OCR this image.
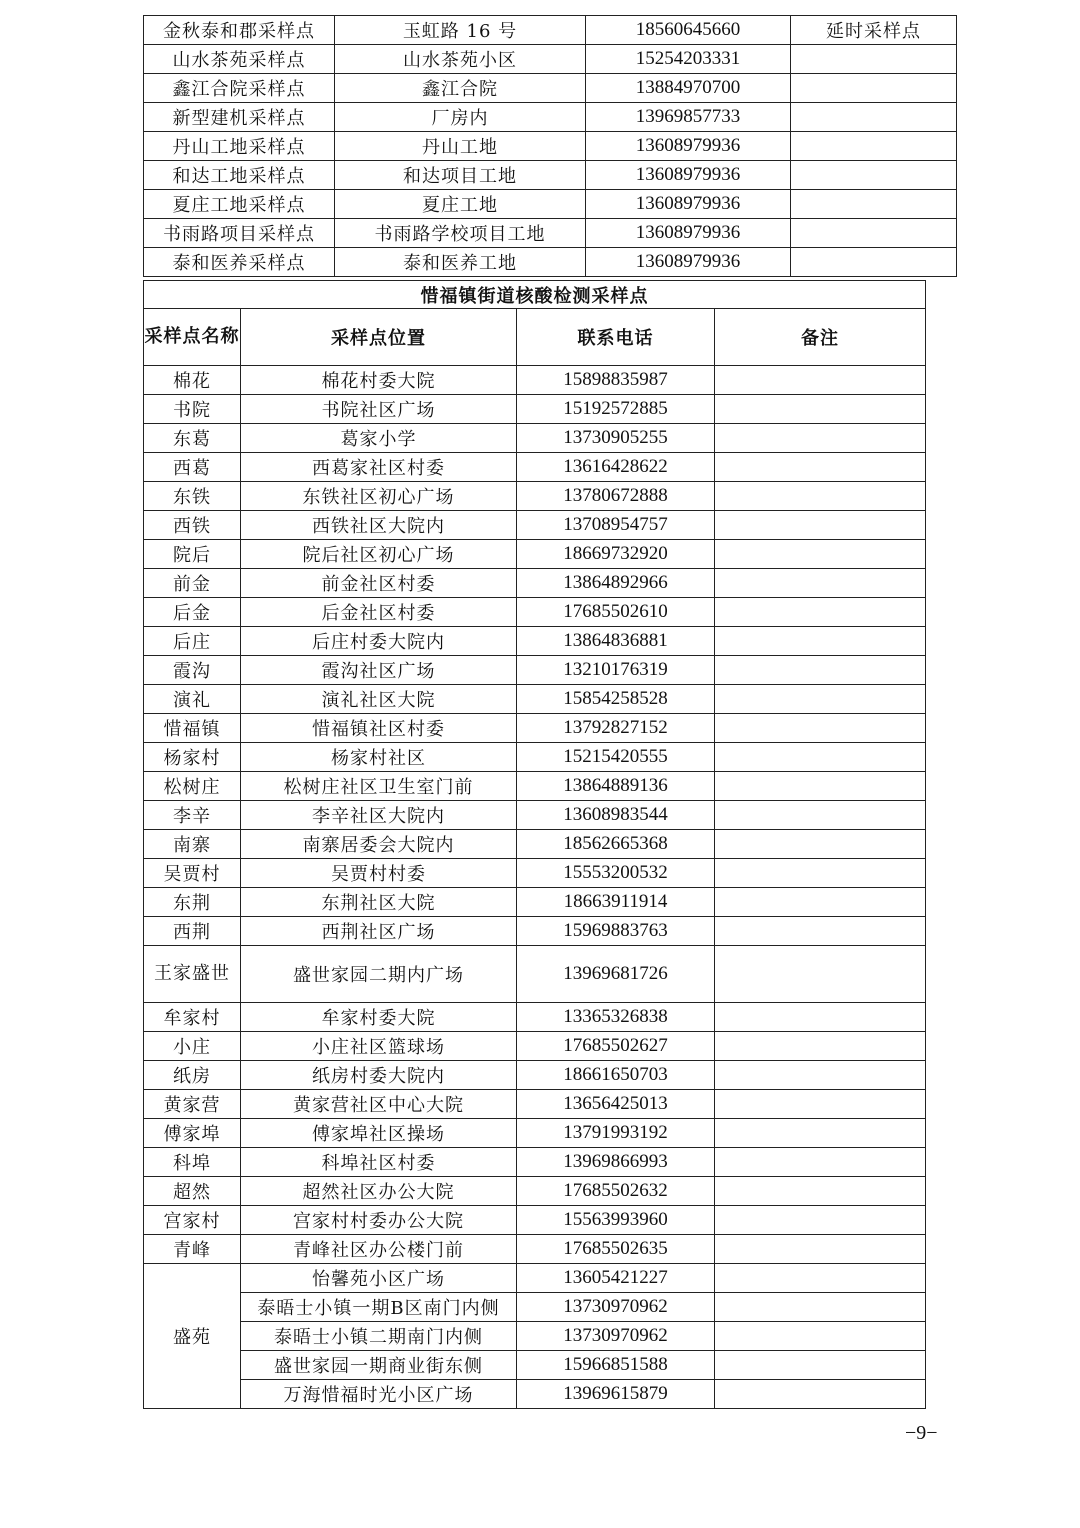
金秋泰和郡采样点	玉虹路 16 号	18560645660	延时采样点
山水茶苑采样点	山水茶苑小区	15254203331	
鑫江合院采样点	鑫江合院	13884970700	
新型建机采样点	厂房内	13969857733	
丹山工地采样点	丹山工地	13608979936	
和达工地采样点	和达项目工地	13608979936	
夏庄工地采样点	夏庄工地	13608979936	
书雨路项目采样点	书雨路学校项目工地	13608979936	
泰和医养采样点	泰和医养工地	13608979936	
惜福镇街道核酸检测采样点			
采样点名称	采样点位置	联系电话	备注
棉花	棉花村委大院	15898835987	
书院	书院社区广场	15192572885	
东葛	葛家小学	13730905255	
西葛	西葛家社区村委	13616428622	
东铁	东铁社区初心广场	13780672888	
西铁	西铁社区大院内	13708954757	
院后	院后社区初心广场	18669732920	
前金	前金社区村委	13864892966	
后金	后金社区村委	17685502610	
后庄	后庄村委大院内	13864836881	
霞沟	霞沟社区广场	13210176319	
演礼	演礼社区大院	15854258528	
惜福镇	惜福镇社区村委	13792827152	
杨家村	杨家村社区	15215420555	
松树庄	松树庄社区卫生室门前	13864889136	
李辛	李辛社区大院内	13608983544	
南寨	南寨居委会大院内	18562665368	
吴贾村	吴贾村村委	15553200532	
东荆	东荆社区大院	18663911914	
西荆	西荆社区广场	15969883763	
王家盛世	盛世家园二期内广场	13969681726	
牟家村	牟家村委大院	13365326838	
小庄	小庄社区篮球场	17685502627	
纸房	纸房村委大院内	18661650703	
黄家营	黄家营社区中心大院	13656425013	
傅家埠	傅家埠社区操场	13791993192	
科埠	科埠社区村委	13969866993	
超然	超然社区办公大院	17685502632	
宫家村	宫家村村委办公大院	15563993960	
青峰	青峰社区办公楼门前	17685502635	
盛苑	怡馨苑小区广场	13605421227	
	泰晤士小镇一期B区南门内侧	13730970962	
	泰晤士小镇二期南门内侧	13730970962	
	盛世家园一期商业街东侧	15966851588	
	万海惜福时光小区广场	13969615879	
−9−
